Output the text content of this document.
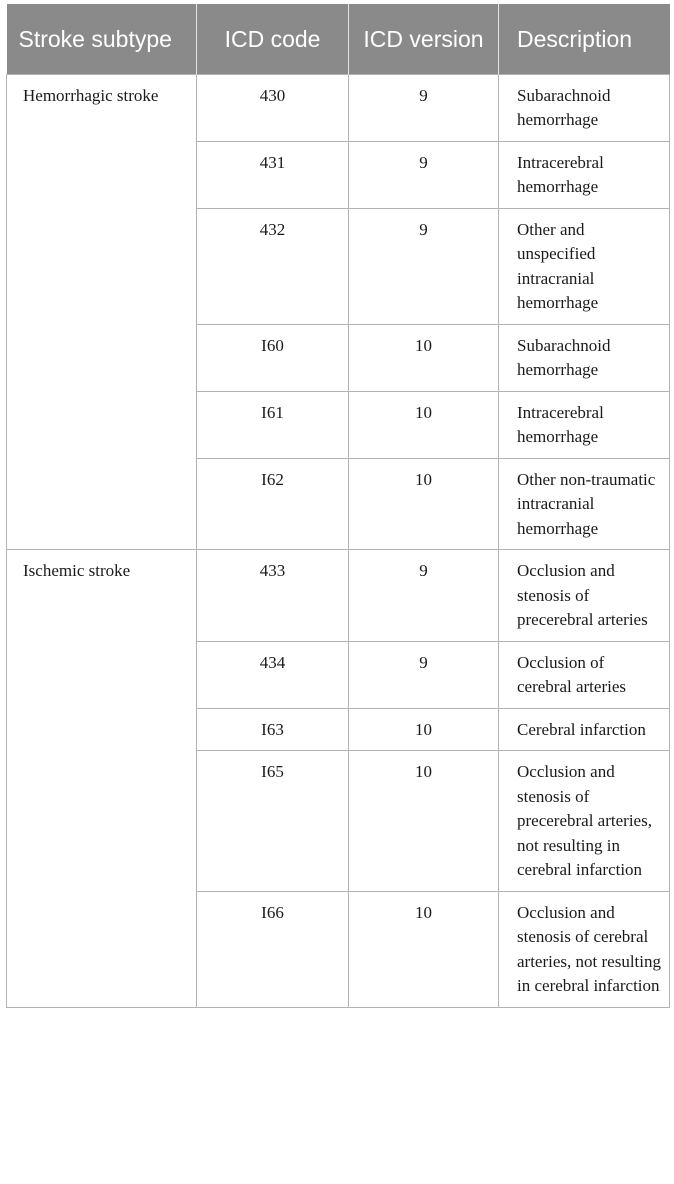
Stroke subtype	ICD code	ICD version	Description
Hemorrhagic stroke	430	9	Subarachnoid hemorrhage
	431	9	Intracerebral hemorrhage
	432	9	Other and unspecified intracranial hemorrhage
	I60	10	Subarachnoid hemorrhage
	I61	10	Intracerebral hemorrhage
	I62	10	Other non-traumatic intracranial hemorrhage
Ischemic stroke	433	9	Occlusion and stenosis of precerebral arteries
	434	9	Occlusion of cerebral arteries
	I63	10	Cerebral infarction
	I65	10	Occlusion and stenosis of precerebral arteries, not resulting in cerebral infarction
	I66	10	Occlusion and stenosis of cerebral arteries, not resulting in cerebral infarction
